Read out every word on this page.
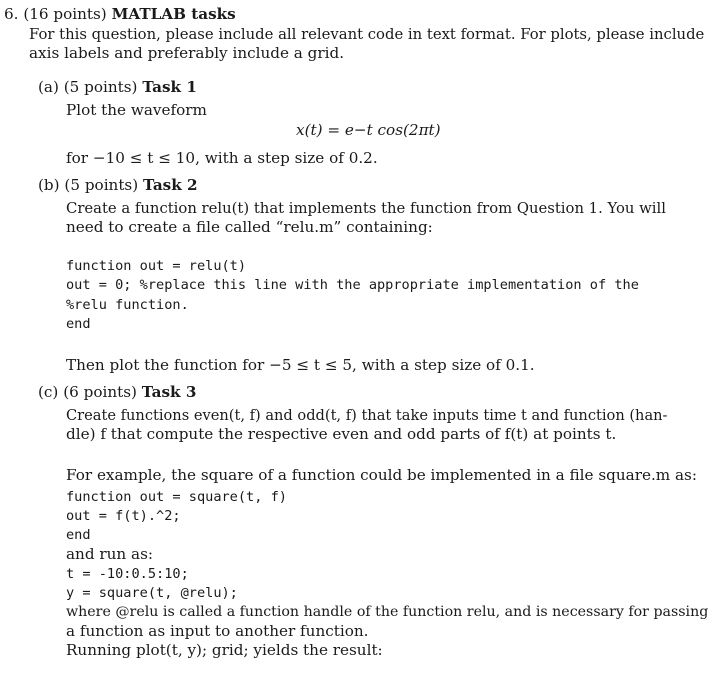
6. (16 points) MATLAB tasks
For this question, please include all relevant code in text format. For plots, please include
axis labels and preferably include a grid.
(a) (5 points) Task 1
Plot the waveform
x(t) = e−t cos(2πt)
for −10 ≤ t ≤ 10, with a step size of 0.2.
(b) (5 points) Task 2
Create a function relu(t) that implements the function from Question 1. You will
need to create a file called “relu.m” containing:
function out = relu(t)
out = 0; %replace this line with the appropriate implementation of the
%relu function.
end
Then plot the function for −5 ≤ t ≤ 5, with a step size of 0.1.
(c) (6 points) Task 3
Create functions even(t, f) and odd(t, f) that take inputs time t and function (han-
dle) f that compute the respective even and odd parts of f(t) at points t.
For example, the square of a function could be implemented in a file square.m as:
function out = square(t, f)
out = f(t).^2;
end
and run as:
t = -10:0.5:10;
y = square(t, @relu);
where @relu is called a function handle of the function relu, and is necessary for passing
a function as input to another function.
Running plot(t, y); grid; yields the result:
